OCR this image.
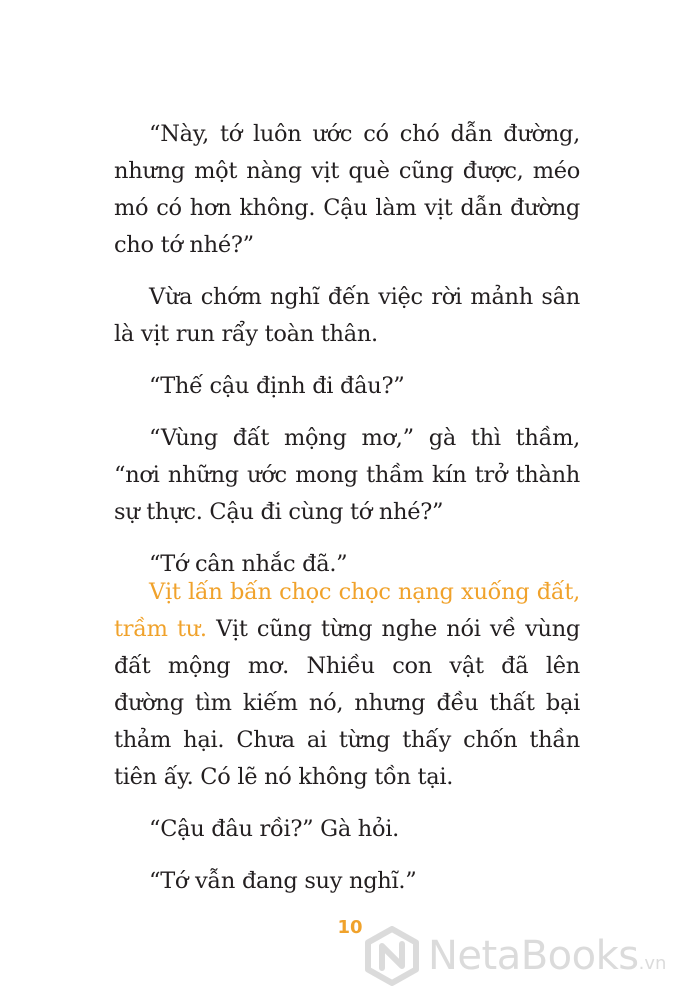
“Này, tớ luôn ước có chó dẫn đường, nhưng một nàng vịt què cũng được, méo mó có hơn không. Cậu làm vịt dẫn đường cho tớ nhé?”

Vừa chớm nghĩ đến việc rời mảnh sân là vịt run rẩy toàn thân.

“Thế cậu định đi đâu?”

“Vùng đất mộng mơ,” gà thì thầm, “nơi những ước mong thầm kín trở thành sự thực. Cậu đi cùng tớ nhé?”

“Tớ cân nhắc đã.”

Vịt lấn bấn chọc chọc nạng xuống đất, trầm tư. Vịt cũng từng nghe nói về vùng đất mộng mơ. Nhiều con vật đã lên đường tìm kiếm nó, nhưng đều thất bại thảm hại. Chưa ai từng thấy chốn thần tiên ấy. Có lẽ nó không tồn tại.

“Cậu đâu rồi?” Gà hỏi.

“Tớ vẫn đang suy nghĩ.”

10
NetaBooks.vn
